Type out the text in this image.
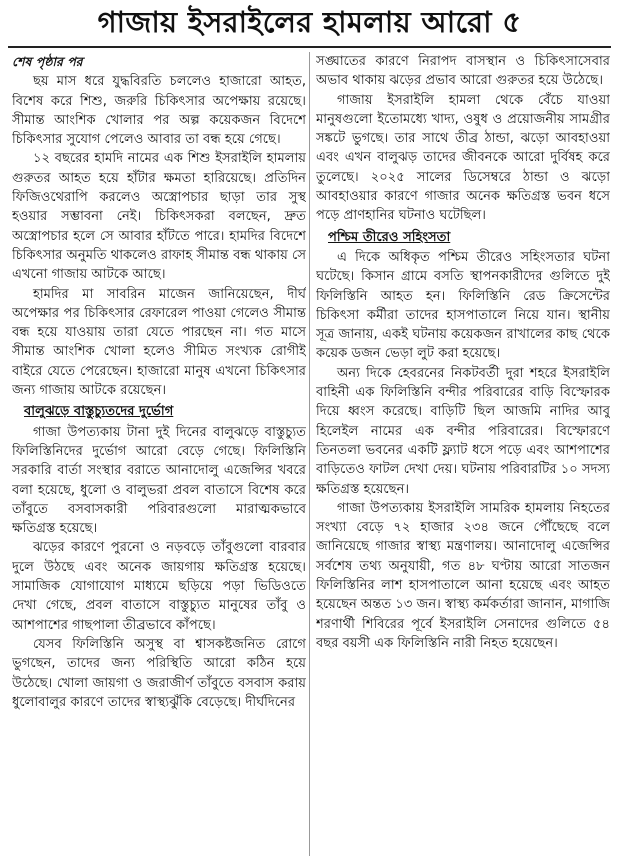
গাজায় ইসরাইলের হামলায় আরো ৫
শেষ পৃষ্ঠার পর

ছয় মাস ধরে যুদ্ধবিরতি চললেও হাজারো আহত, বিশেষ করে শিশু, জরুরি চিকিৎসার অপেক্ষায় রয়েছে। সীমান্ত আংশিক খোলার পর অল্প কয়েকজন বিদেশে চিকিৎসার সুযোগ পেলেও আবার তা বন্ধ হয়ে গেছে।

১২ বছরের হামদি নামের এক শিশু ইসরাইলি হামলায় গুরুতর আহত হয়ে হাঁটার ক্ষমতা হারিয়েছে। প্রতিদিন ফিজিওথেরাপি করলেও অস্ত্রোপচার ছাড়া তার সুস্থ হওয়ার সম্ভাবনা নেই। চিকিৎসকরা বলছেন, দ্রুত অস্ত্রোপচার হলে সে আবার হাঁটতে পারে। হামদির বিদেশে চিকিৎসার অনুমতি থাকলেও রাফাহ সীমান্ত বন্ধ থাকায় সে এখনো গাজায় আটকে আছে।

হামদির মা সাবরিন মাজেন জানিয়েছেন, দীর্ঘ অপেক্ষার পর চিকিৎসার রেফারেল পাওয়া গেলেও সীমান্ত বন্ধ হয়ে যাওয়ায় তারা যেতে পারছেন না। গত মাসে সীমান্ত আংশিক খোলা হলেও সীমিত সংখ্যক রোগীই বাইরে যেতে পেরেছেন। হাজারো মানুষ এখনো চিকিৎসার জন্য গাজায় আটকে রয়েছেন।

বালুঝড়ে বাস্তুচ্যুতদের দুর্ভোগ

গাজা উপত্যকায় টানা দুই দিনের বালুঝড়ে বাস্তুচ্যুত ফিলিস্তিনিদের দুর্ভোগ আরো বেড়ে গেছে। ফিলিস্তিনি সরকারি বার্তা সংস্থার বরাতে আনাদোলু এজেন্সির খবরে বলা হয়েছে, ধুলো ও বালুভরা প্রবল বাতাসে বিশেষ করে তাঁবুতে বসবাসকারী পরিবারগুলো মারাত্মকভাবে ক্ষতিগ্রস্ত হয়েছে।

ঝড়ের কারণে পুরনো ও নড়বড়ে তাঁবুগুলো বারবার দুলে উঠছে এবং অনেক জায়গায় ক্ষতিগ্রস্ত হয়েছে। সামাজিক যোগাযোগ মাধ্যমে ছড়িয়ে পড়া ভিডিওতে দেখা গেছে, প্রবল বাতাসে বাস্তুচ্যুত মানুষের তাঁবু ও আশপাশের গাছপালা তীব্রভাবে কাঁপছে।

যেসব ফিলিস্তিনি অসুস্থ বা শ্বাসকষ্টজনিত রোগে ভুগছেন, তাদের জন্য পরিস্থিতি আরো কঠিন হয়ে উঠেছে। খোলা জায়গা ও জরাজীর্ণ তাঁবুতে বসবাস করায় ধুলোবালুর কারণে তাদের স্বাস্থ্যঝুঁকি বেড়েছে। দীর্ঘদিনের

সঙ্ঘাতের কারণে নিরাপদ বাসস্থান ও চিকিৎসাসেবার অভাব থাকায় ঝড়ের প্রভাব আরো গুরুতর হয়ে উঠেছে।

গাজায় ইসরাইলি হামলা থেকে বেঁচে যাওয়া মানুষগুলো ইতোমধ্যে খাদ্য, ওষুধ ও প্রয়োজনীয় সামগ্রীর সঙ্কটে ভুগছে। তার সাথে তীব্র ঠান্ডা, ঝড়ো আবহাওয়া এবং এখন বালুঝড় তাদের জীবনকে আরো দুর্বিষহ করে তুলেছে। ২০২৫ সালের ডিসেম্বরে ঠান্ডা ও ঝড়ো আবহাওয়ার কারণে গাজার অনেক ক্ষতিগ্রস্ত ভবন ধসে পড়ে প্রাণহানির ঘটনাও ঘটেছিল।

পশ্চিম তীরেও সহিংসতা

এ দিকে অধিকৃত পশ্চিম তীরেও সহিংসতার ঘটনা ঘটেছে। কিসান গ্রামে বসতি স্থাপনকারীদের গুলিতে দুই ফিলিস্তিনি আহত হন। ফিলিস্তিনি রেড ক্রিসেন্টের চিকিৎসা কর্মীরা তাদের হাসপাতালে নিয়ে যান। স্থানীয় সূত্র জানায়, একই ঘটনায় কয়েকজন রাখালের কাছ থেকে কয়েক ডজন ভেড়া লুট করা হয়েছে।

অন্য দিকে হেবরনের নিকটবর্তী দুরা শহরে ইসরাইলি বাহিনী এক ফিলিস্তিনি বন্দীর পরিবারের বাড়ি বিস্ফোরক দিয়ে ধ্বংস করেছে। বাড়িটি ছিল আজমি নাদির আবু হিলেইল নামের এক বন্দীর পরিবারের। বিস্ফোরণে তিনতলা ভবনের একটি ফ্ল্যাট ধসে পড়ে এবং আশপাশের বাড়িতেও ফাটল দেখা দেয়। ঘটনায় পরিবারটির ১০ সদস্য ক্ষতিগ্রস্ত হয়েছেন।

গাজা উপত্যকায় ইসরাইলি সামরিক হামলায় নিহতের সংখ্যা বেড়ে ৭২ হাজার ২৩৪ জনে পৌঁছেছে বলে জানিয়েছে গাজার স্বাস্থ্য মন্ত্রণালয়। আনাদোলু এজেন্সির সর্বশেষ তথ্য অনুযায়ী, গত ৪৮ ঘণ্টায় আরো সাতজন ফিলিস্তিনির লাশ হাসপাতালে আনা হয়েছে এবং আহত হয়েছেন অন্তত ১৩ জন। স্বাস্থ্য কর্মকর্তারা জানান, মাগাজি শরণার্থী শিবিরের পূর্বে ইসরাইলি সেনাদের গুলিতে ৫৪ বছর বয়সী এক ফিলিস্তিনি নারী নিহত হয়েছেন।
